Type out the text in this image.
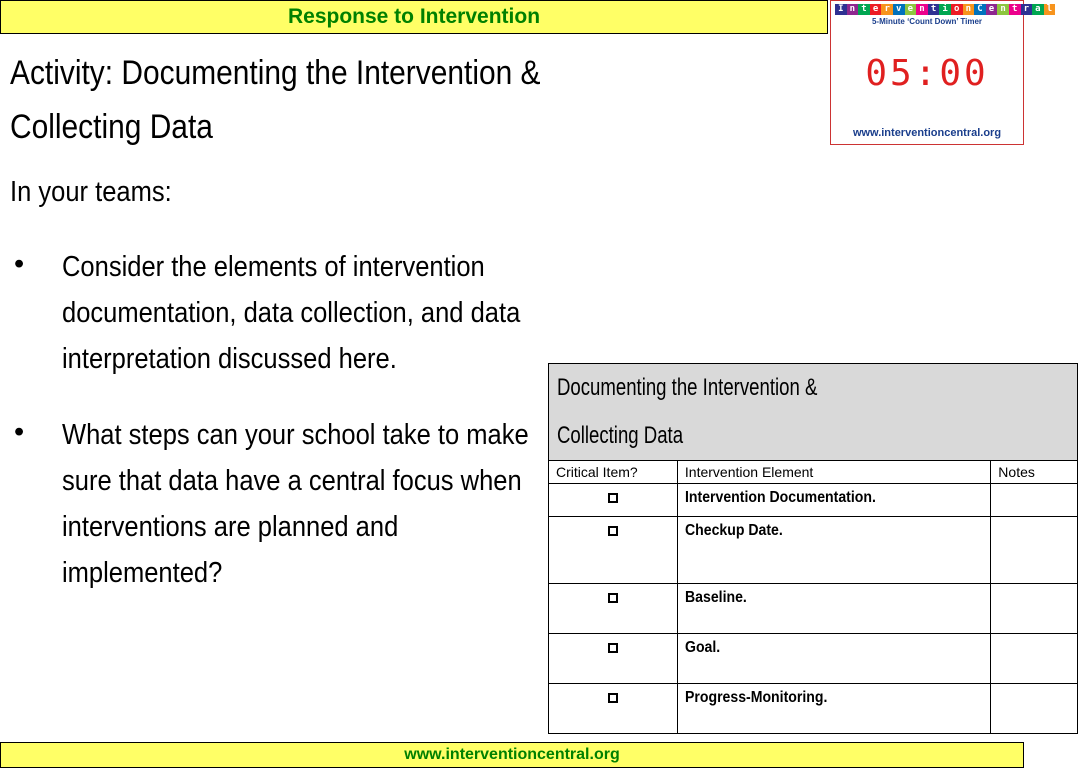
Response to Intervention	I n t e r v e n t i o n C e n t r a l
5-Minute ‘Count Down’ Timer
05:00
www.interventioncentral.org
Activity: Documenting the Intervention &
Collecting Data
In your teams:
• Consider the elements of intervention documentation, data collection, and data interpretation discussed here.
• What steps can your school take to make sure that data have a central focus when interventions are planned and implemented?
Documenting the Intervention &
Collecting Data		
Critical Item?	Intervention Element	Notes
	Intervention Documentation.	
	Checkup Date.	
	Baseline.	
	Goal.	
	Progress-Monitoring.	
www.interventioncentral.org
